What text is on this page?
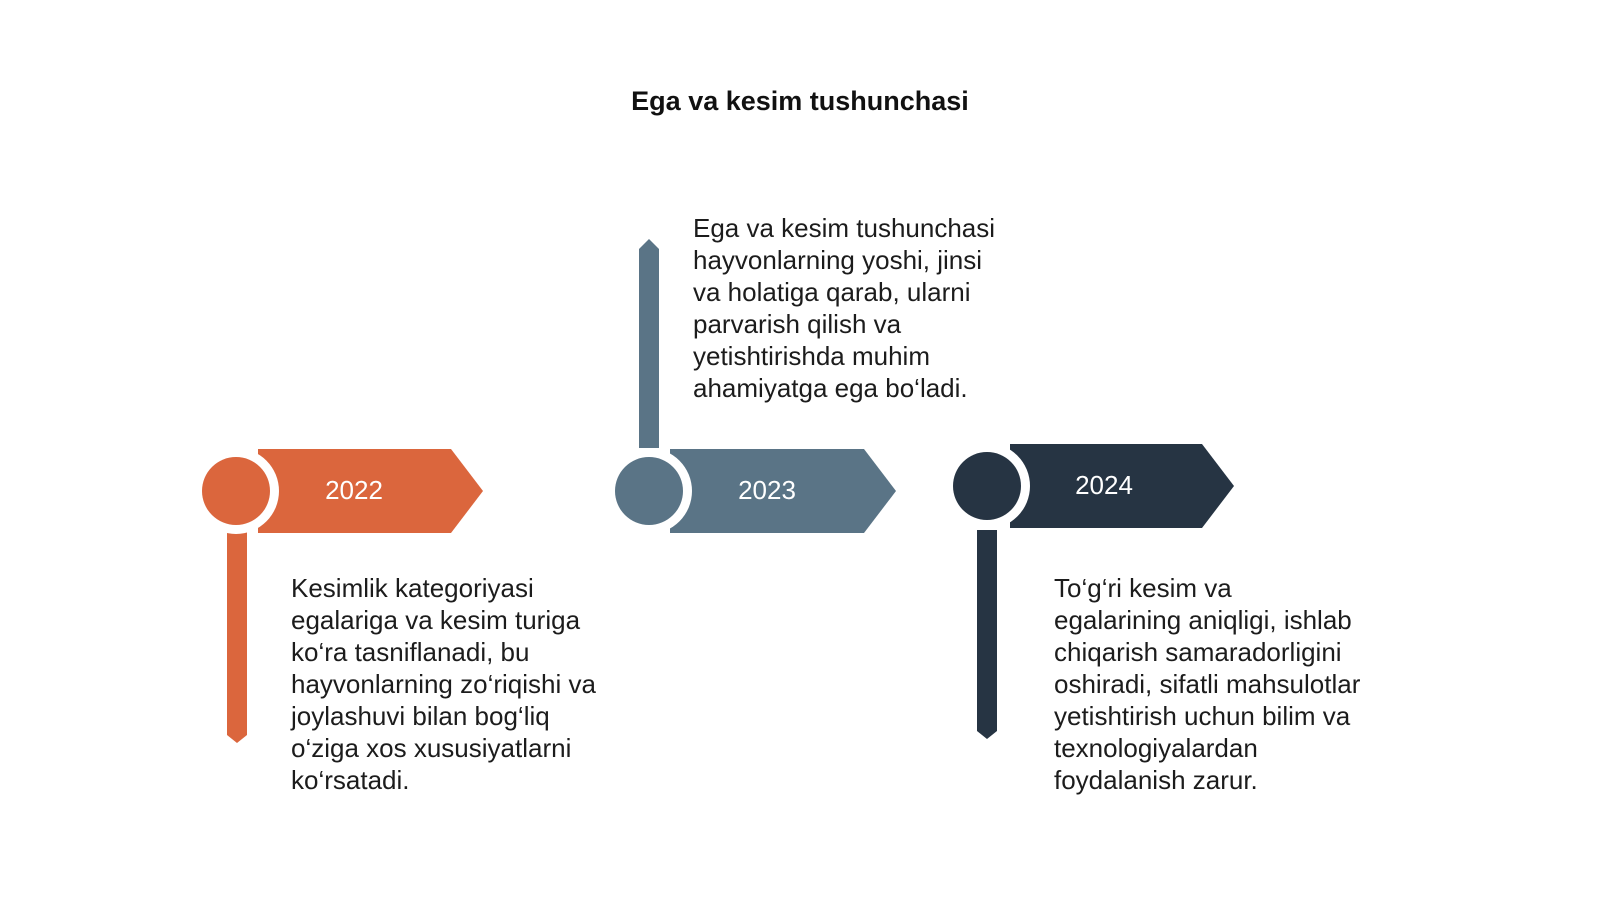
Ega va kesim tushunchasi
2022	2023	2024
Kesimlik kategoriyasi
egalariga va kesim turiga
ko‘ra tasniflanadi, bu
hayvonlarning zo‘riqishi va
joylashuvi bilan bog‘liq
o‘ziga xos xususiyatlarni
ko‘rsatadi.
Ega va kesim tushunchasi
hayvonlarning yoshi, jinsi
va holatiga qarab, ularni
parvarish qilish va
yetishtirishda muhim
ahamiyatga ega bo‘ladi.
To‘g‘ri kesim va
egalarining aniqligi, ishlab
chiqarish samaradorligini
oshiradi, sifatli mahsulotlar
yetishtirish uchun bilim va
texnologiyalardan
foydalanish zarur.
